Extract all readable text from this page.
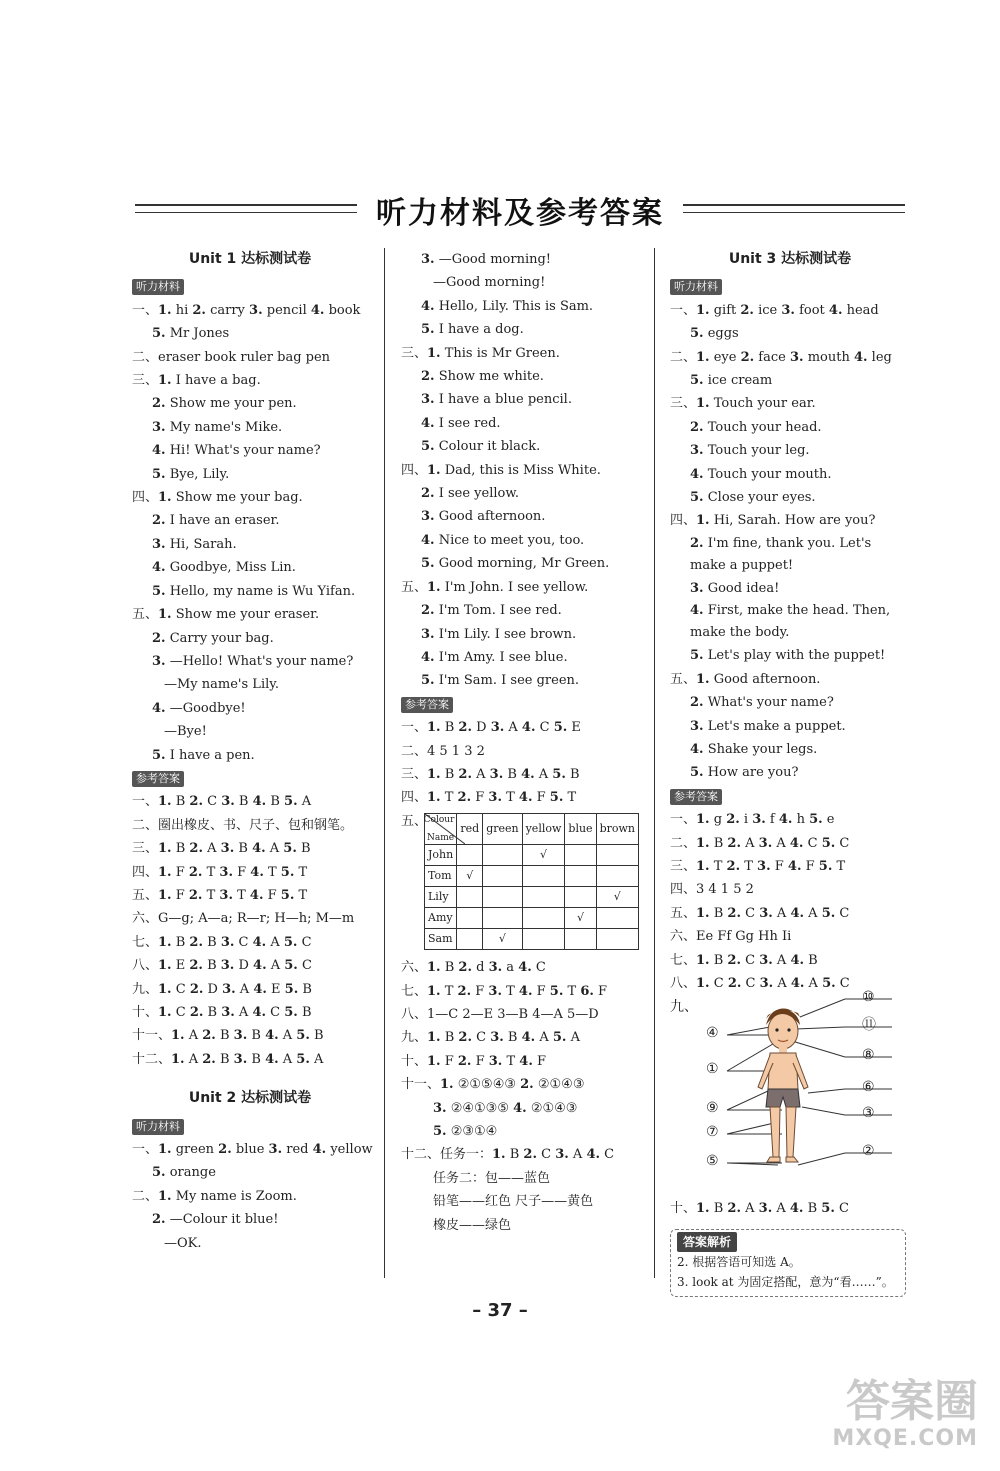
听力材料及参考答案
Unit 1 达标测试卷
听力材料
一、1. hi 2. carry 3. pencil 4. book
5. Mr Jones
二、eraser book ruler bag pen
三、1. I have a bag.
2. Show me your pen.
3. My name's Mike.
4. Hi! What's your name?
5. Bye, Lily.
四、1. Show me your bag.
2. I have an eraser.
3. Hi, Sarah.
4. Goodbye, Miss Lin.
5. Hello, my name is Wu Yifan.
五、1. Show me your eraser.
2. Carry your bag.
3. —Hello! What's your name?
—My name's Lily.
4. —Goodbye!
—Bye!
5. I have a pen.
参考答案
一、1. B 2. C 3. B 4. B 5. A
二、圈出橡皮、书、尺子、包和钢笔。
三、1. B 2. A 3. B 4. A 5. B
四、1. F 2. T 3. F 4. T 5. T
五、1. F 2. T 3. T 4. F 5. T
六、G—g; A—a; R—r; H—h; M—m
七、1. B 2. B 3. C 4. A 5. C
八、1. E 2. B 3. D 4. A 5. C
九、1. C 2. D 3. A 4. E 5. B
十、1. C 2. B 3. A 4. C 5. B
十一、1. A 2. B 3. B 4. A 5. B
十二、1. A 2. B 3. B 4. A 5. A
Unit 2 达标测试卷
听力材料
一、1. green 2. blue 3. red 4. yellow
5. orange
二、1. My name is Zoom.
2. —Colour it blue!
—OK.
3. —Good morning!
—Good morning!
4. Hello, Lily. This is Sam.
5. I have a dog.
三、1. This is Mr Green.
2. Show me white.
3. I have a blue pencil.
4. I see red.
5. Colour it black.
四、1. Dad, this is Miss White.
2. I see yellow.
3. Good afternoon.
4. Nice to meet you, too.
5. Good morning, Mr Green.
五、1. I'm John. I see yellow.
2. I'm Tom. I see red.
3. I'm Lily. I see brown.
4. I'm Amy. I see blue.
5. I'm Sam. I see green.
参考答案
一、1. B 2. D 3. A 4. C 5. E
二、4 5 1 3 2
三、1. B 2. A 3. B 4. A 5. B
四、1. T 2. F 3. T 4. F 5. T
五、
Colour
Name	red	green	yellow	blue	brown
John			√		
Tom	√				
Lily					√
Amy				√	
Sam		√			
六、1. B 2. d 3. a 4. C
七、1. T 2. F 3. T 4. F 5. T 6. F
八、1—C 2—E 3—B 4—A 5—D
九、1. B 2. C 3. B 4. A 5. A
十、1. F 2. F 3. T 4. F
十一、1. ②①⑤④③ 2. ②①④③
3. ②④①③⑤ 4. ②①④③
5. ②③①④
十二、任务一：1. B 2. C 3. A 4. C
任务二：包——蓝色
铅笔——红色 尺子——黄色
橡皮——绿色
Unit 3 达标测试卷
听力材料
一、1. gift 2. ice 3. foot 4. head
5. eggs
二、1. eye 2. face 3. mouth 4. leg
5. ice cream
三、1. Touch your ear.
2. Touch your head.
3. Touch your leg.
4. Touch your mouth.
5. Close your eyes.
四、1. Hi, Sarah. How are you?
2. I'm fine, thank you. Let's make a puppet!
3. Good idea!
4. First, make the head. Then, make the body.
5. Let's play with the puppet!
五、1. Good afternoon.
2. What's your name?
3. Let's make a puppet.
4. Shake your legs.
5. How are you?
参考答案
一、1. g 2. i 3. f 4. h 5. e
二、1. B 2. A 3. A 4. C 5. C
三、1. T 2. T 3. F 4. F 5. T
四、3 4 1 5 2
五、1. B 2. C 3. A 4. A 5. C
六、Ee Ff Gg Hh Ii
七、1. B 2. C 3. A 4. B
八、1. C 2. C 3. A 4. A 5. C
九、
④
①
⑨
⑦
⑤
⑩
⑪
⑧
⑥
③
②
十、1. B 2. A 3. A 4. B 5. C
答案解析
2. 根据答语可知选 A。
3. look at 为固定搭配，意为“看……”。
– 37 –
答案圈
MXQE.COM
